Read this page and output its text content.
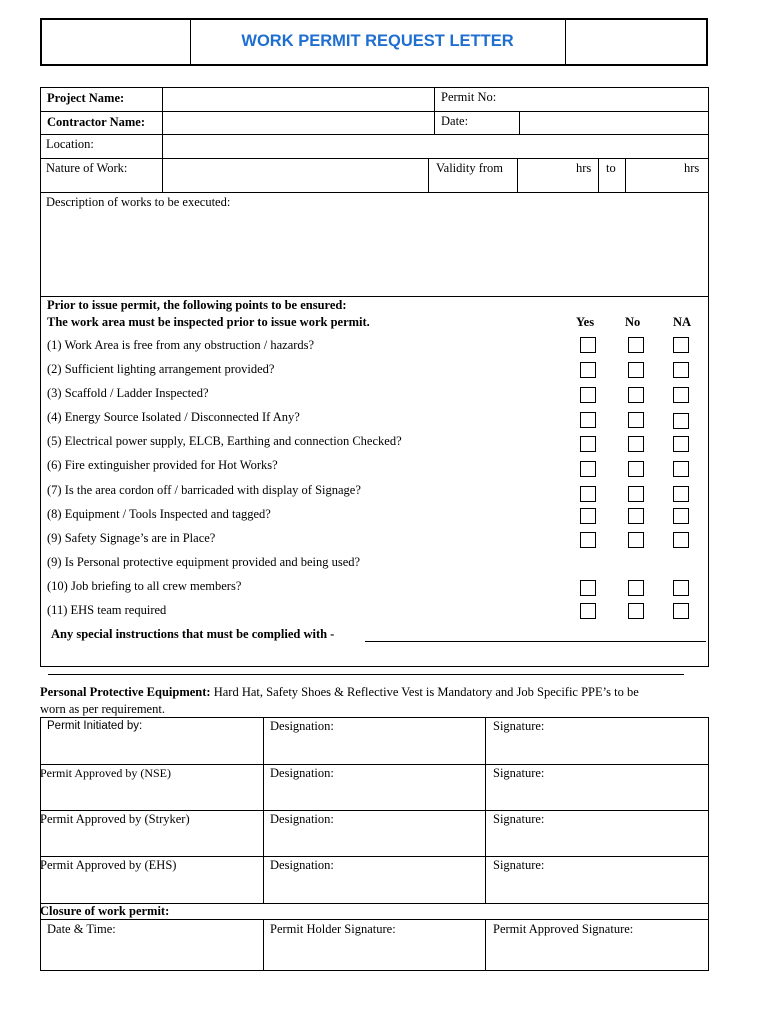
WORK PERMIT REQUEST LETTER
Project Name:	Permit No:
Contractor Name:	Date:
Location:
Nature of Work:	Validity from	hrs to	hrs
Description of works to be executed:
Prior to issue permit, the following points to be ensured:
The work area must be inspected prior to issue work permit.	Yes No	NA
(1) Work Area is free from any obstruction / hazards?
(2) Sufficient lighting arrangement provided?
(3) Scaffold / Ladder Inspected?
(4) Energy Source Isolated / Disconnected If Any?
(5) Electrical power supply, ELCB, Earthing and connection Checked?
(6) Fire extinguisher provided for Hot Works?
(7) Is the area cordon off / barricaded with display of Signage?
(8) Equipment / Tools Inspected and tagged?
(9) Safety Signage’s are in Place?
(9) Is Personal protective equipment provided and being used?
(10) Job briefing to all crew members?
(11) EHS team required
Any special instructions that must be complied with -
Personal Protective Equipment: Hard Hat, Safety Shoes & Reflective Vest is Mandatory and Job Specific PPE’s to be
worn as per requirement.
Permit Initiated by:	Designation:	Signature:
Permit Approved by (NSE)	Designation:	Signature:
Permit Approved by (Stryker)	Designation:	Signature:
Permit Approved by (EHS)	Designation:	Signature:
Closure of work permit:
Date & Time:	Permit Holder Signature:	Permit Approved Signature:
